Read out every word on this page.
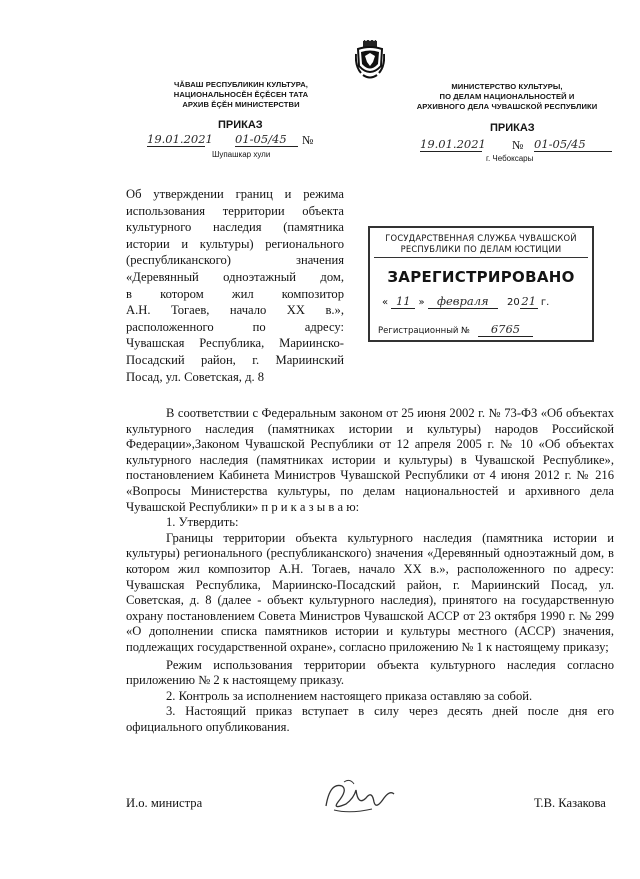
ЧĂВАШ РЕСПУБЛИКИН КУЛЬТУРА,
НАЦИОНАЛЬНОСĔН ĔÇĔСЕН ТАТА
АРХИВ ĔÇĔН МИНИСТЕРСТВИ
ПРИКАЗ
19.01.2021 01-05/45	№
Шупашкар хули
МИНИСТЕРСТВО КУЛЬТУРЫ,
ПО ДЕЛАМ НАЦИОНАЛЬНОСТЕЙ И
АРХИВНОГО ДЕЛА ЧУВАШСКОЙ РЕСПУБЛИКИ
ПРИКАЗ
19.01.2021 № 01-05/45
г. Чебоксары
Об утверждении границ и режима
использования территории объекта
культурного наследия (памятника
истории и культуры) регионального
(республиканского) значения
«Деревянный одноэтажный дом,
в котором жил композитор
А.Н. Тогаев, начало XX в.»,
расположенного по адресу:
Чувашская Республика, Мариинско-
Посадский район, г. Мариинский
Посад, ул. Советская, д. 8
ГОСУДАРСТВЕННАЯ СЛУЖБА ЧУВАШСКОЙ
РЕСПУБЛИКИ ПО ДЕЛАМ ЮСТИЦИИ
ЗАРЕГИСТРИРОВАНО
« 11 » февраля 20 21 г.
Регистрационный № 6765

В соответствии с Федеральным законом от 25 июня 2002 г. № 73-ФЗ «Об объектах культурного наследия (памятниках истории и культуры) народов Российской Федерации»,Законом Чувашской Республики от 12 апреля 2005 г. № 10 «Об объектах культурного наследия (памятниках истории и культуры) в Чувашской Республике», постановлением Кабинета Министров Чувашской Республики от 4 июня 2012 г. № 216 «Вопросы Министерства культуры, по делам национальностей и архивного дела Чувашской Республики» п р и к а з ы в а ю:

1. Утвердить:

Границы территории объекта культурного наследия (памятника истории и культуры) регионального (республиканского) значения «Деревянный одноэтажный дом, в котором жил композитор А.Н. Тогаев, начало XX в.», расположенного по адресу: Чувашская Республика, Мариинско-Посадский район, г. Мариинский Посад, ул. Советская, д. 8 (далее - объект культурного наследия), принятого на государственную охрану постановлением Совета Министров Чувашской АССР от 23 октября 1990 г. № 299 «О дополнении списка памятников истории и культуры местного (АССР) значения, подлежащих государственной охране», согласно приложению № 1 к настоящему приказу;

Режим использования территории объекта культурного наследия согласно приложению № 2 к настоящему приказу.

2. Контроль за исполнением настоящего приказа оставляю за собой.

3. Настоящий приказ вступает в силу через десять дней после дня его официального опубликования.

И.о. министра	Т.В. Казакова
